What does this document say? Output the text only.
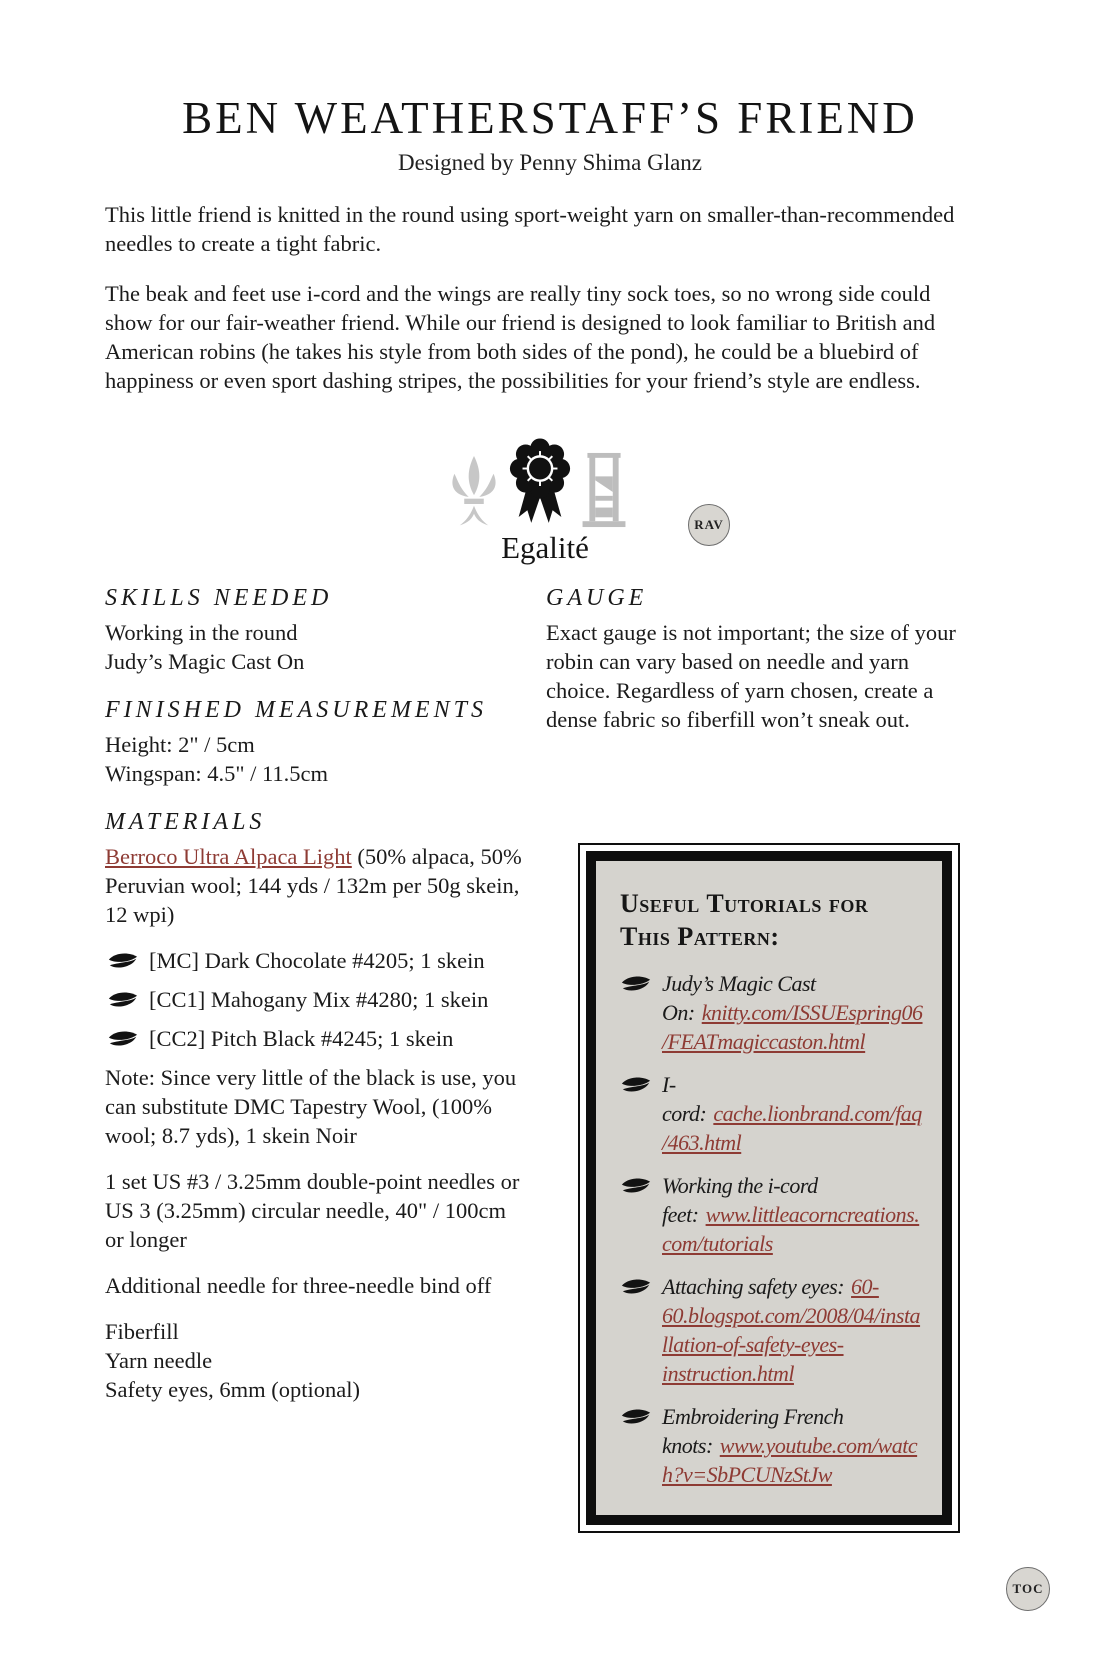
BEN WEATHERSTAFF’S FRIEND
Designed by Penny Shima Glanz

This little friend is knitted in the round using sport-weight yarn on smaller-than-recommended needles to create a tight fabric.

The beak and feet use i-cord and the wings are really tiny sock toes, so no wrong side could show for our fair-weather friend. While our friend is designed to look familiar to British and American robins (he takes his style from both sides of the pond), he could be a bluebird of happiness or even sport dashing stripes, the possibilities for your friend’s style are endless.

Egalité
RAV

SKILLS NEEDED

Working in the round

Judy’s Magic Cast On

FINISHED MEASUREMENTS

Height: 2" / 5cm

Wingspan: 4.5" / 11.5cm

MATERIALS

Berroco Ultra Alpaca Light (50% alpaca, 50% Peruvian wool; 144 yds / 132m per 50g skein, 12 wpi)

[MC] Dark Chocolate #4205; 1 skein
[CC1] Mahogany Mix #4280; 1 skein
[CC2] Pitch Black #4245; 1 skein

Note: Since very little of the black is use, you can substitute DMC Tapestry Wool, (100% wool; 8.7 yds), 1 skein Noir

1 set US #3 / 3.25mm double-point needles or US 3 (3.25mm) circular needle, 40" / 100cm or longer

Additional needle for three-needle bind off

Fiberfill

Yarn needle

Safety eyes, 6mm (optional)

GAUGE

Exact gauge is not important; the size of your robin can vary based on needle and yarn choice. Regardless of yarn chosen, create a dense fabric so fiberfill won’t sneak out.

Useful Tutorials for This Pattern:

Judy’s Magic Cast On: knitty.com/ISSUEspring06/FEATmagiccaston.html
I-cord: cache.lionbrand.com/faq/463.html
Working the i-cord feet: www.littleacorncreations.com/tutorials
Attaching safety eyes: 60-60.blogspot.com/2008/04/installation-of-safety-eyes-instruction.html
Embroidering French knots: www.youtube.com/watch?v=SbPCUNzStJw
TOC
